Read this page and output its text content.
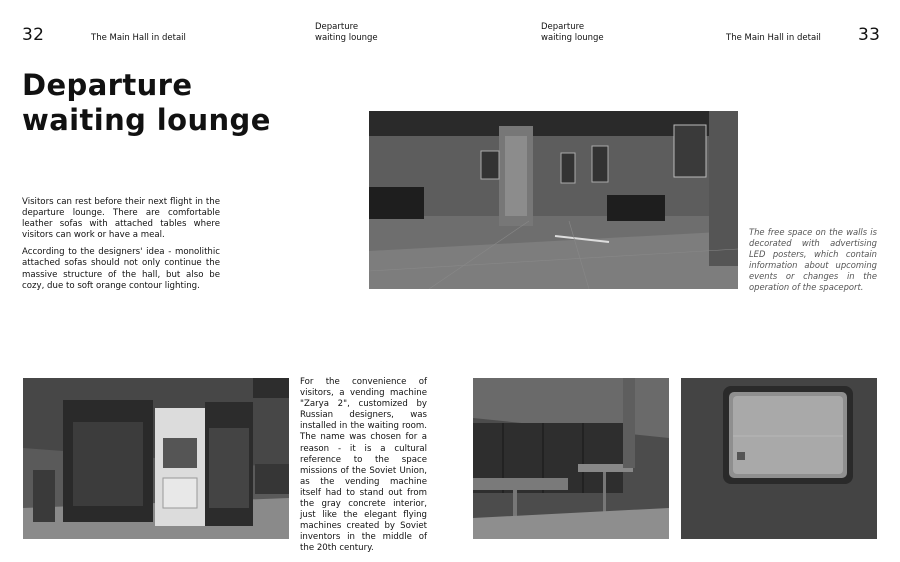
32	The Main Hall in detail
Departure
waiting lounge
Departure
waiting lounge	The Main Hall in detail 33
Departure
waiting lounge

Visitors can rest before their next flight in the departure lounge. There are comfortable leather sofas with attached tables where visitors can work or have a meal.

According to the designers' idea - monolithic attached sofas should not only continue the massive structure of the hall, but also be cozy, due to soft orange contour lighting.

The free space on the walls is decorated with advertising LED posters, which contain information about upcoming events or changes in the operation of the spaceport.

For the convenience of visitors, a vending machine "Zarya 2", customized by Russian designers, was installed in the waiting room. The name was chosen for a reason - it is a cultural reference to the space missions of the Soviet Union, as the vending machine itself had to stand out from the gray concrete interior, just like the elegant flying machines created by Soviet inventors in the middle of the 20th century.
